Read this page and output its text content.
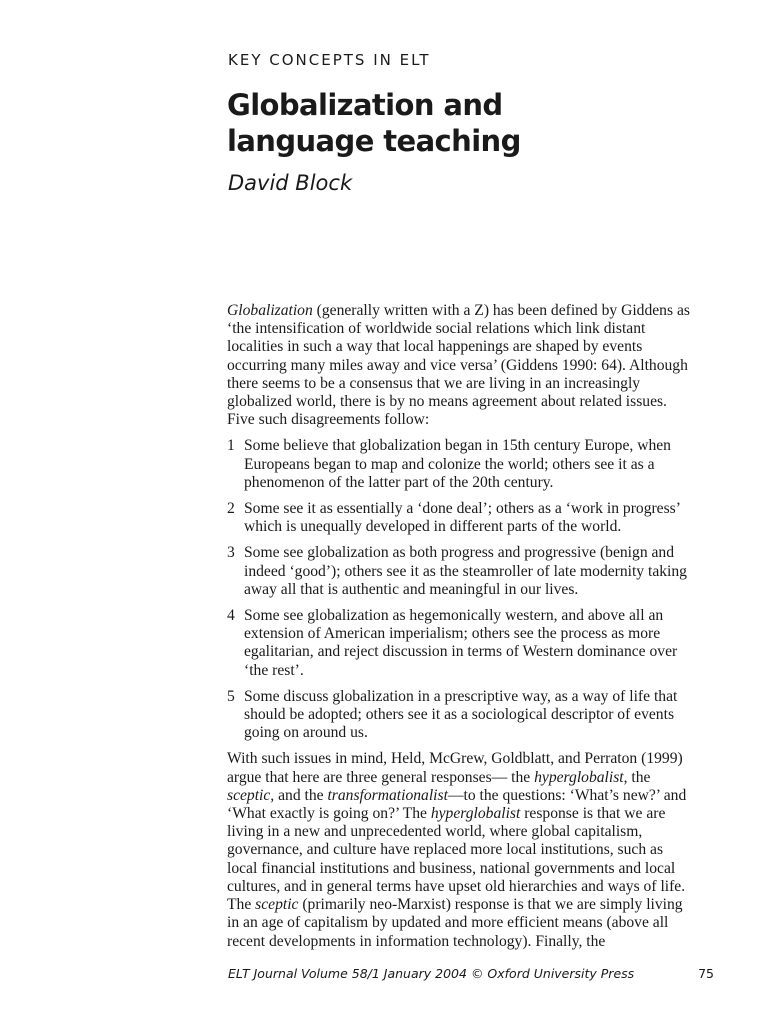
KEY CONCEPTS IN ELT
Globalization and
language teaching
David Block
Globalization (generally written with a Z) has been defined by Giddens as
‘the intensification of worldwide social relations which link distant
localities in such a way that local happenings are shaped by events
occurring many miles away and vice versa’ (Giddens 1990: 64). Although
there seems to be a consensus that we are living in an increasingly
globalized world, there is by no means agreement about related issues.
Five such disagreements follow:
1 Some believe that globalization began in 15th century Europe, when
Europeans began to map and colonize the world; others see it as a
phenomenon of the latter part of the 20th century.
2 Some see it as essentially a ‘done deal’; others as a ‘work in progress’
which is unequally developed in different parts of the world.
3 Some see globalization as both progress and progressive (benign and
indeed ‘good’); others see it as the steamroller of late modernity taking
away all that is authentic and meaningful in our lives.
4 Some see globalization as hegemonically western, and above all an
extension of American imperialism; others see the process as more
egalitarian, and reject discussion in terms of Western dominance over
‘the rest’.
5 Some discuss globalization in a prescriptive way, as a way of life that
should be adopted; others see it as a sociological descriptor of events
going on around us.
With such issues in mind, Held, McGrew, Goldblatt, and Perraton (1999)
argue that here are three general responses— the hyperglobalist, the
sceptic, and the transformationalist—to the questions: ‘What’s new?’ and
‘What exactly is going on?’ The hyperglobalist response is that we are
living in a new and unprecedented world, where global capitalism,
governance, and culture have replaced more local institutions, such as
local financial institutions and business, national governments and local
cultures, and in general terms have upset old hierarchies and ways of life.
The sceptic (primarily neo-Marxist) response is that we are simply living
in an age of capitalism by updated and more efficient means (above all
recent developments in information technology). Finally, the
ELT Journal Volume 58/1 January 2004 © Oxford University Press	75
